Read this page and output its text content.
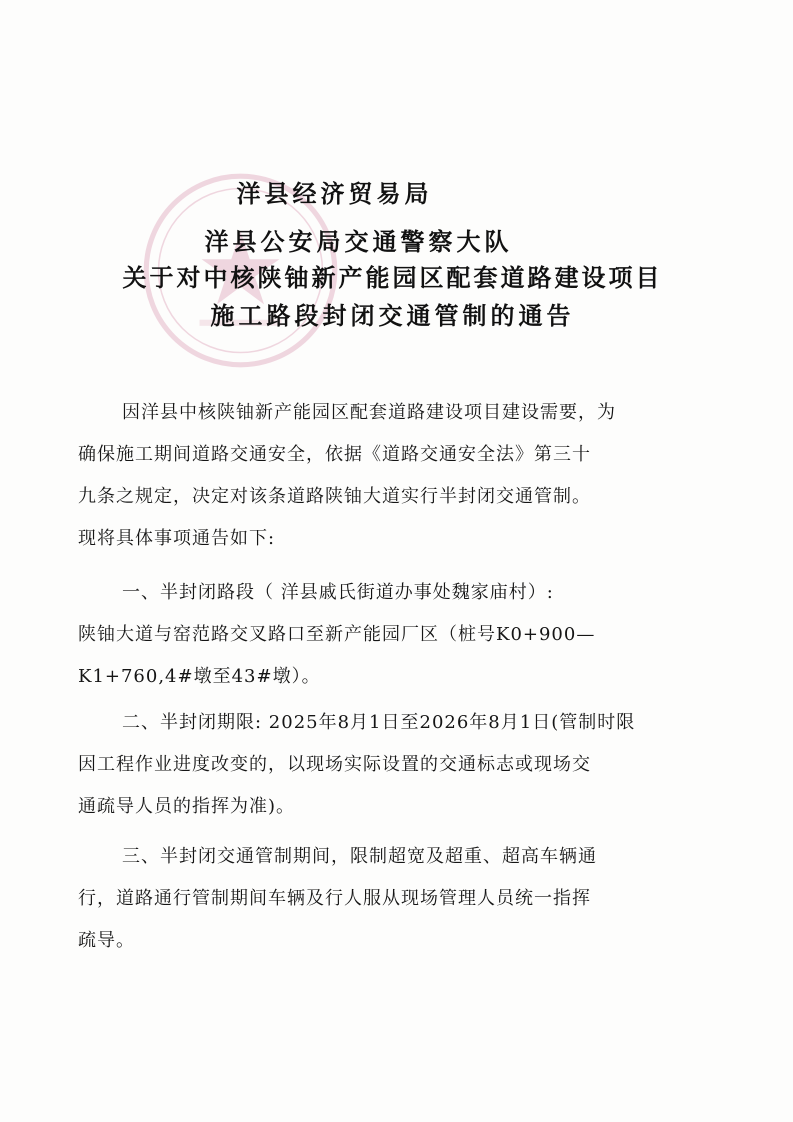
洋县经济贸易局
洋县公安局交通警察大队
关于对中核陕铀新产能园区配套道路建设项目
施工路段封闭交通管制的通告
因洋县中核陕铀新产能园区配套道路建设项目建设需要，为
确保施工期间道路交通安全，依据《道路交通安全法》第三十
九条之规定，决定对该条道路陕铀大道实行半封闭交通管制。
现将具体事项通告如下:
一、半封闭路段（ 洋县戚氏街道办事处魏家庙村）:
陕铀大道与窑范路交叉路口至新产能园厂区（桩号K0+900—
K1+760,4#墩至43#墩）。
二、半封闭期限: 2025年8月1日至2026年8月1日(管制时限
因工程作业进度改变的，以现场实际设置的交通标志或现场交
通疏导人员的指挥为准)。
三、半封闭交通管制期间，限制超宽及超重、超高车辆通
行，道路通行管制期间车辆及行人服从现场管理人员统一指挥
疏导。
